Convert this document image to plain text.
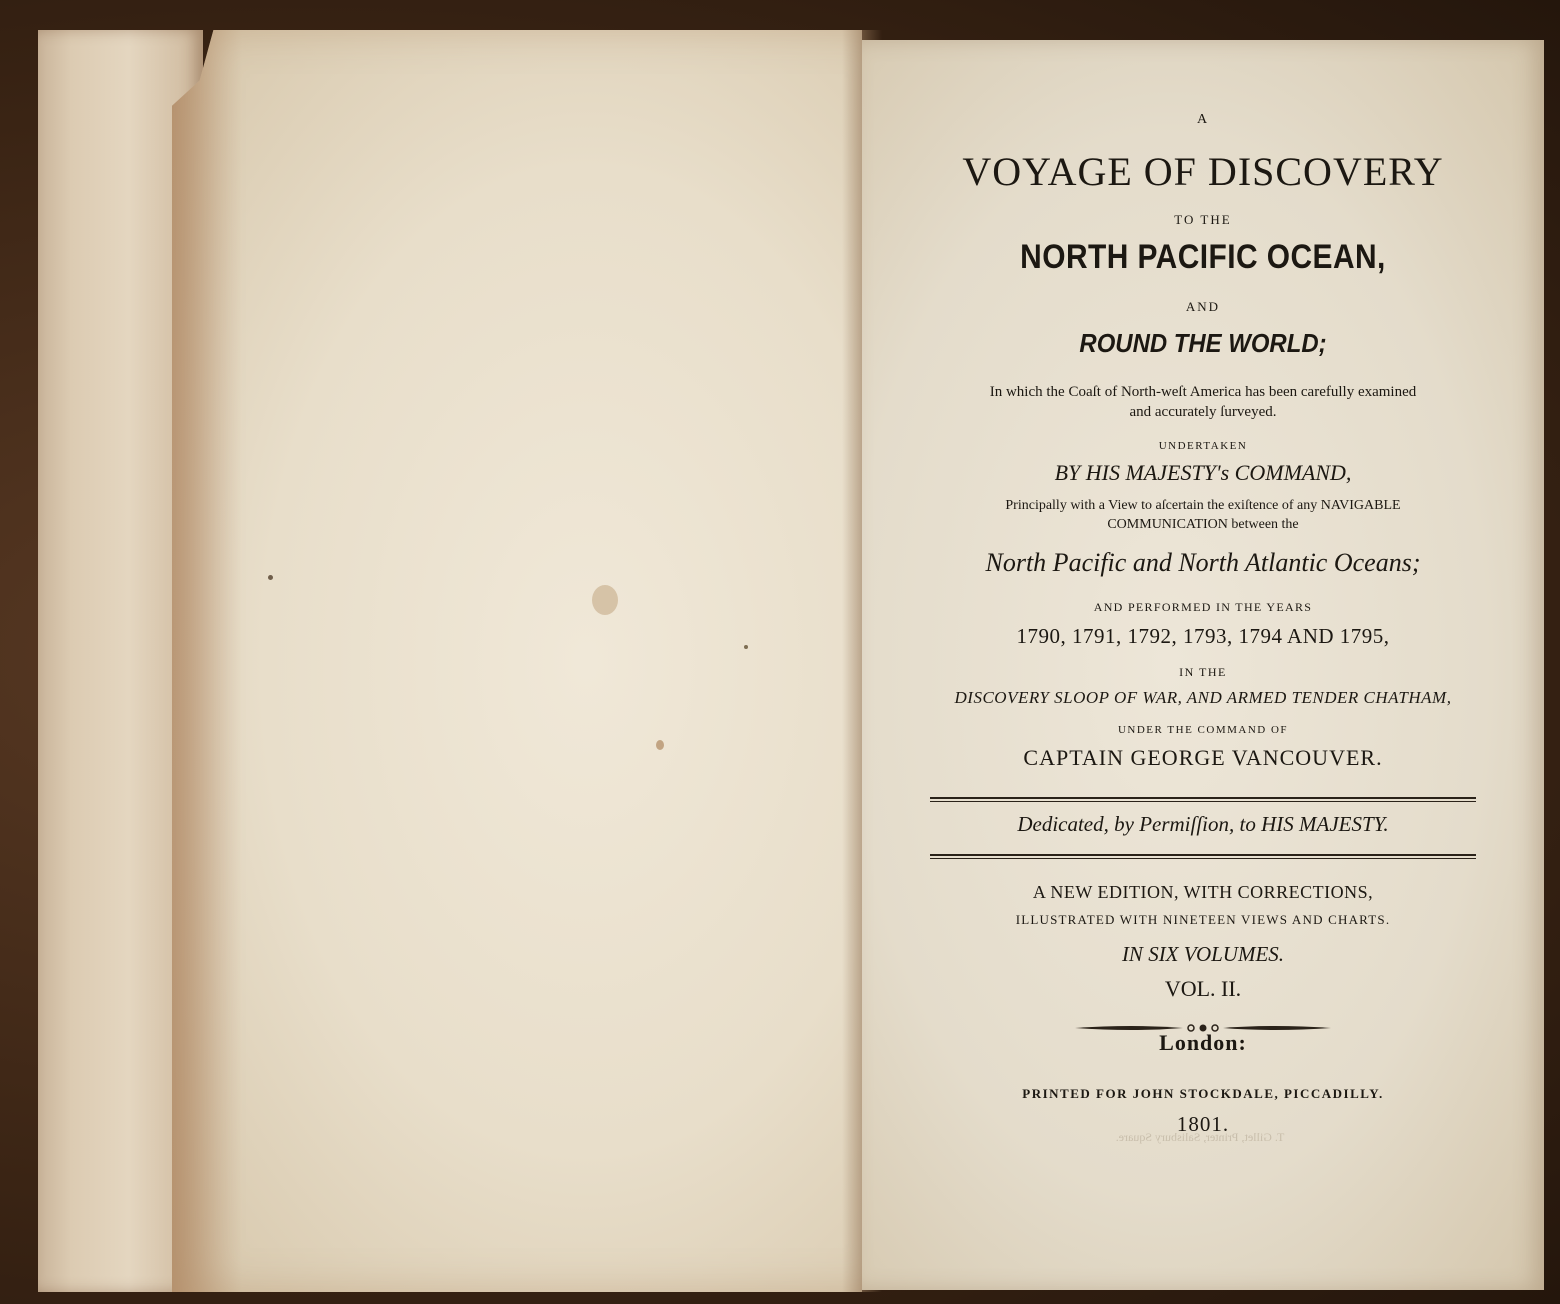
T. Gillet, Printer, Salisbury Square.
A
VOYAGE OF DISCOVERY
TO THE
NORTH PACIFIC OCEAN,
AND
ROUND THE WORLD;
In which the Coaſt of North-weſt America has been carefully examined
and accurately ſurveyed.
UNDERTAKEN
BY HIS MAJESTY's COMMAND,
Principally with a View to aſcertain the exiſtence of any NAVIGABLE
COMMUNICATION between the
North Pacific and North Atlantic Oceans;
AND PERFORMED IN THE YEARS
1790, 1791, 1792, 1793, 1794 AND 1795,
IN THE
DISCOVERY SLOOP OF WAR, AND ARMED TENDER CHATHAM,
UNDER THE COMMAND OF
CAPTAIN GEORGE VANCOUVER.
Dedicated, by Permiſſion, to HIS MAJESTY.
A NEW EDITION, WITH CORRECTIONS,
ILLUSTRATED WITH NINETEEN VIEWS AND CHARTS.
IN SIX VOLUMES.
VOL. II.
London:
PRINTED FOR JOHN STOCKDALE, PICCADILLY.
1801.
